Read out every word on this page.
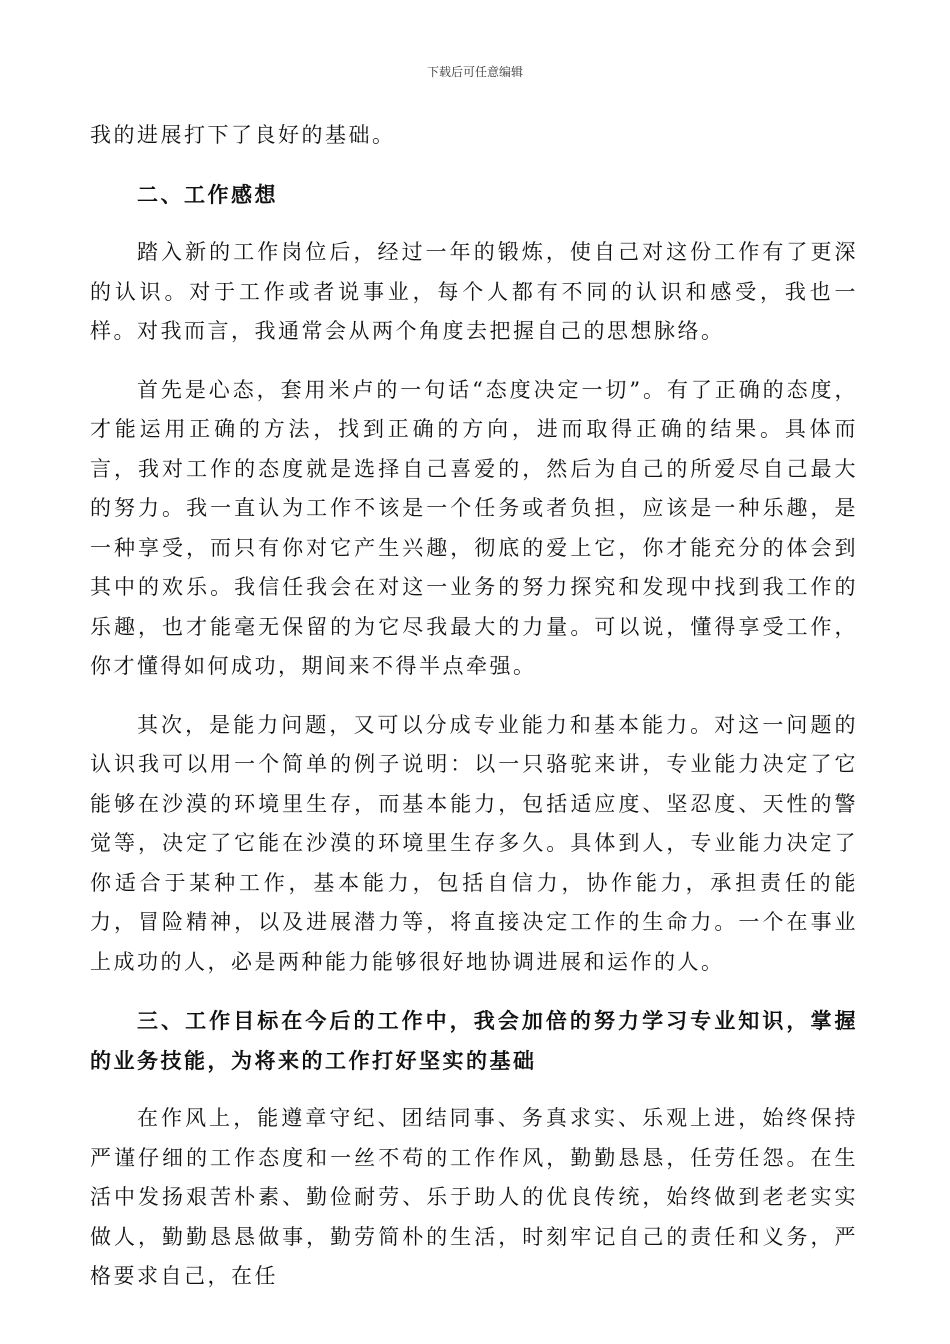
下载后可任意编辑

我的进展打下了良好的基础。

二、工作感想

踏入新的工作岗位后，经过一年的锻炼，使自己对这份工作有了更深的认识。对于工作或者说事业，每个人都有不同的认识和感受，我也一样。对我而言，我通常会从两个角度去把握自己的思想脉络。

首先是心态，套用米卢的一句话“态度决定一切”。有了正确的态度，才能运用正确的方法，找到正确的方向，进而取得正确的结果。具体而言，我对工作的态度就是选择自己喜爱的，然后为自己的所爱尽自己最大的努力。我一直认为工作不该是一个任务或者负担，应该是一种乐趣，是一种享受，而只有你对它产生兴趣，彻底的爱上它，你才能充分的体会到其中的欢乐。我信任我会在对这一业务的努力探究和发现中找到我工作的乐趣，也才能毫无保留的为它尽我最大的力量。可以说，懂得享受工作，你才懂得如何成功，期间来不得半点牵强。

其次，是能力问题，又可以分成专业能力和基本能力。对这一问题的认识我可以用一个简单的例子说明：以一只骆驼来讲，专业能力决定了它能够在沙漠的环境里生存，而基本能力，包括适应度、坚忍度、天性的警觉等，决定了它能在沙漠的环境里生存多久。具体到人，专业能力决定了你适合于某种工作，基本能力，包括自信力，协作能力，承担责任的能力，冒险精神，以及进展潜力等，将直接决定工作的生命力。一个在事业上成功的人，必是两种能力能够很好地协调进展和运作的人。

三、工作目标在今后的工作中，我会加倍的努力学习专业知识，掌握的业务技能，为将来的工作打好坚实的基础

在作风上，能遵章守纪、团结同事、务真求实、乐观上进，始终保持严谨仔细的工作态度和一丝不苟的工作作风，勤勤恳恳，任劳任怨。在生活中发扬艰苦朴素、勤俭耐劳、乐于助人的优良传统，始终做到老老实实做人，勤勤恳恳做事，勤劳简朴的生活，时刻牢记自己的责任和义务，严格要求自己，在任
